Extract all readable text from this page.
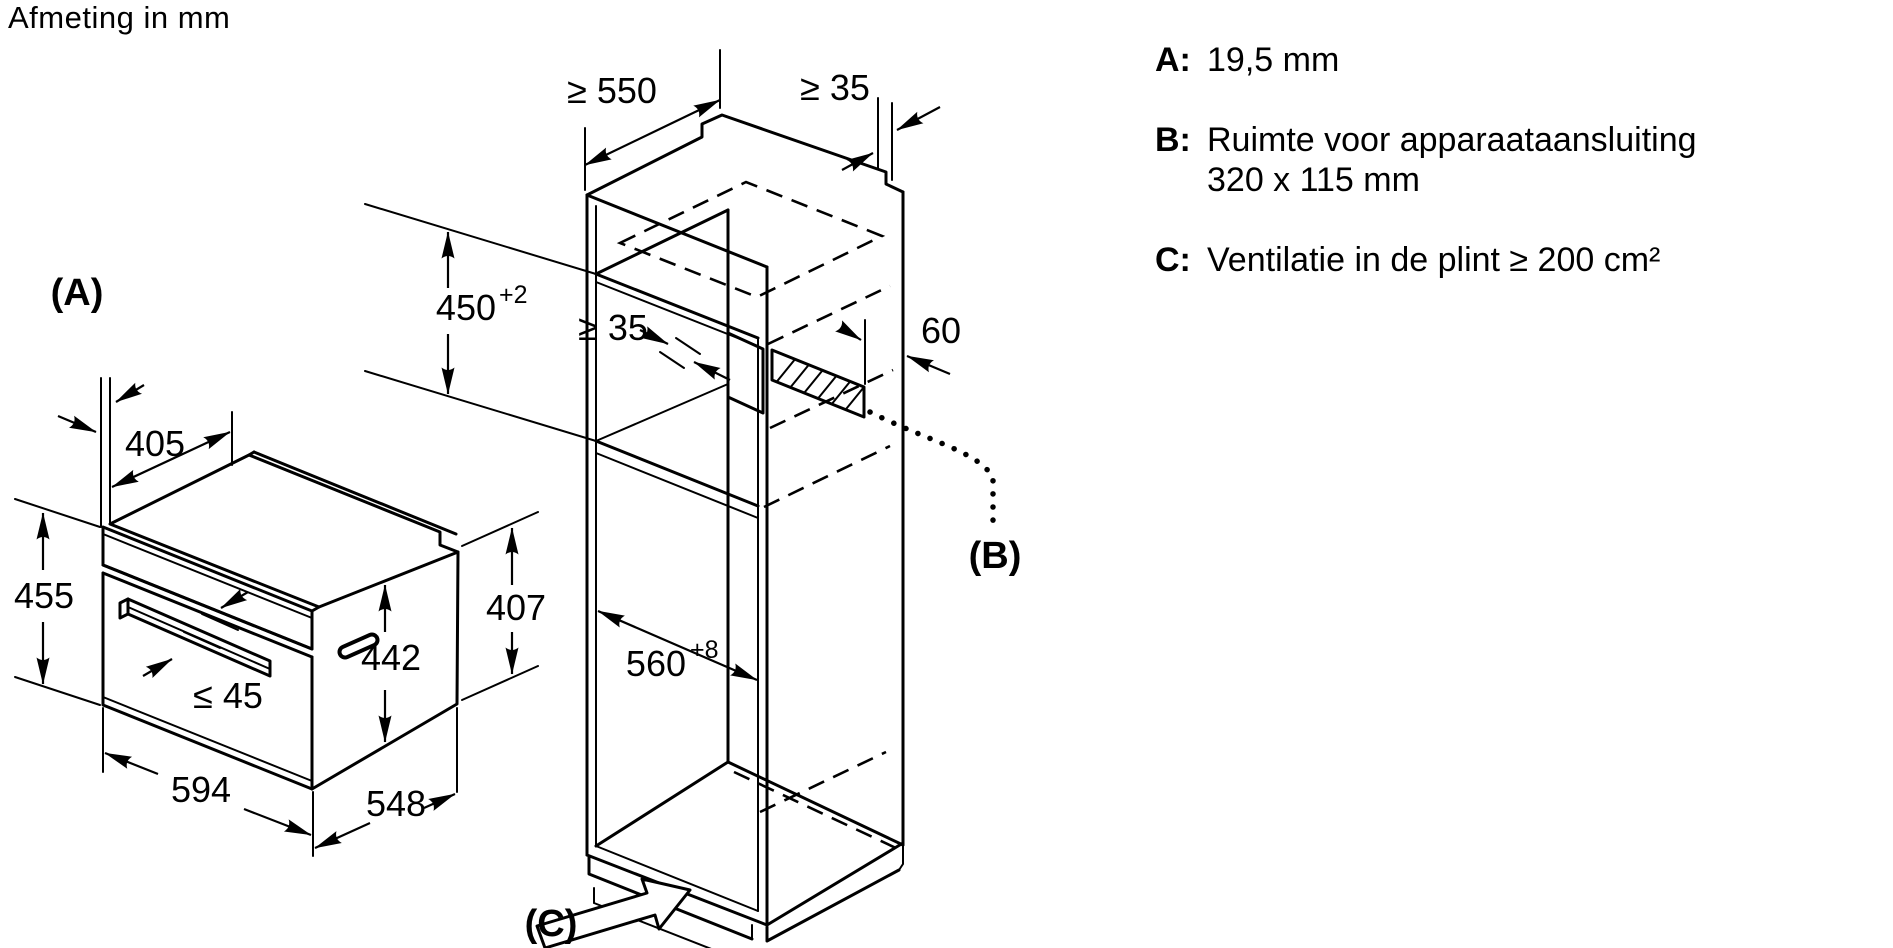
Afmeting in mm
(A)
405
455
442
407
≤ 45
594	548
≥ 550	≥ 35
450 +2
≥ 35	60
560 +8
(B)
(C)
A: 19,5 mm
B: Ruimte voor apparaataansluiting
320 x 115 mm
C: Ventilatie in de plint ≥ 200 cm²
